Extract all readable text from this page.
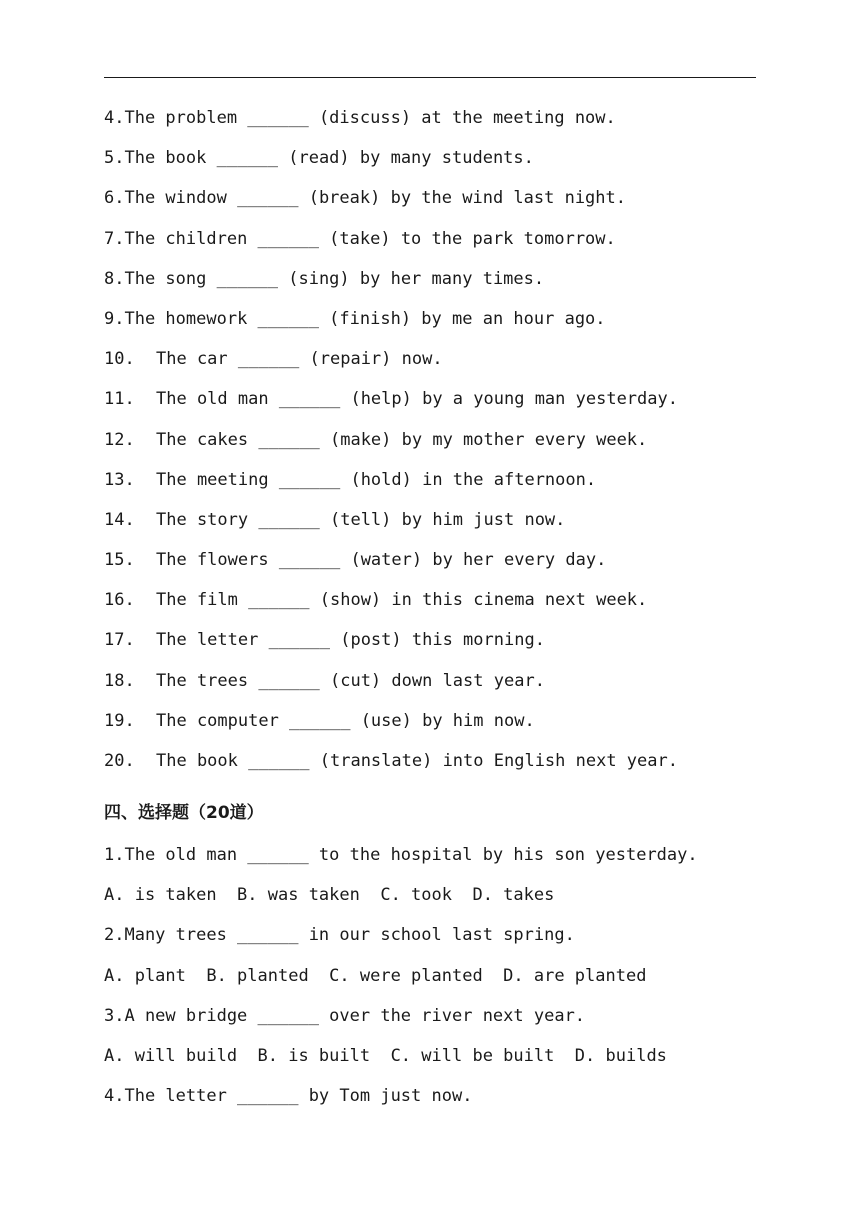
4.The problem ______ (discuss) at the meeting now.
5.The book ______ (read) by many students.
6.The window ______ (break) by the wind last night.
7.The children ______ (take) to the park tomorrow.
8.The song ______ (sing) by her many times.
9.The homework ______ (finish) by me an hour ago.
10. The car ______ (repair) now.
11. The old man ______ (help) by a young man yesterday.
12. The cakes ______ (make) by my mother every week.
13. The meeting ______ (hold) in the afternoon.
14. The story ______ (tell) by him just now.
15. The flowers ______ (water) by her every day.
16. The film ______ (show) in this cinema next week.
17. The letter ______ (post) this morning.
18. The trees ______ (cut) down last year.
19. The computer ______ (use) by him now.
20. The book ______ (translate) into English next year.
四、选择题（20道）
1.The old man ______ to the hospital by his son yesterday.
A. is taken  B. was taken  C. took  D. takes
2.Many trees ______ in our school last spring.
A. plant  B. planted  C. were planted  D. are planted
3.A new bridge ______ over the river next year.
A. will build  B. is built  C. will be built  D. builds
4.The letter ______ by Tom just now.
